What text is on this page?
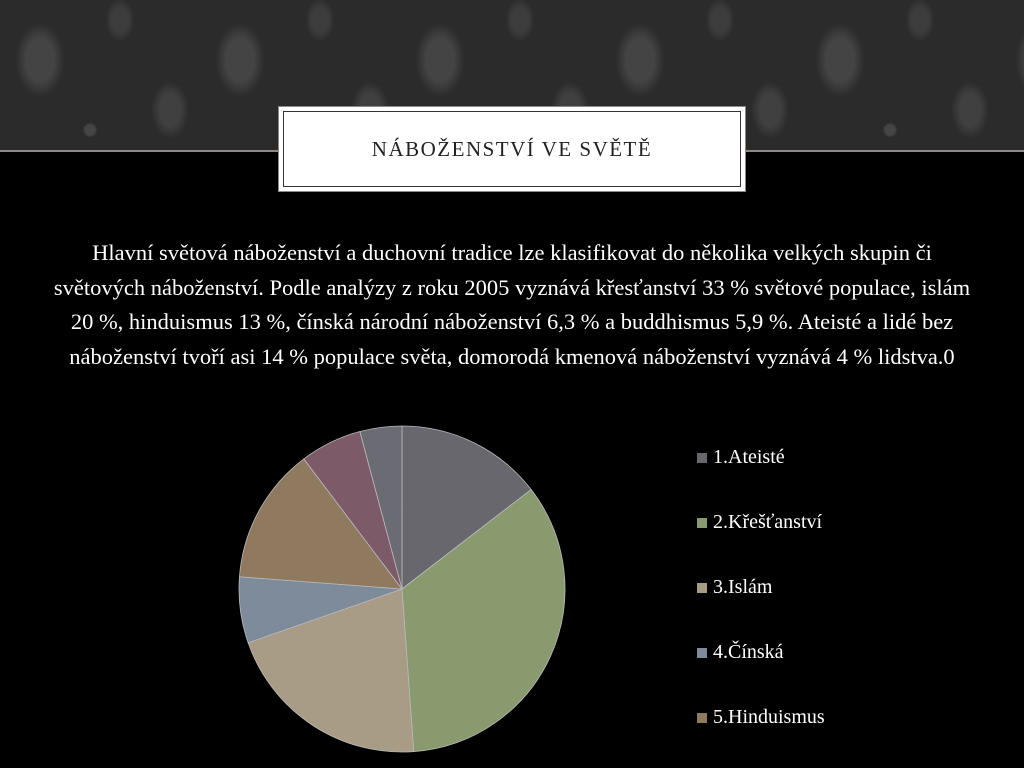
NÁBOŽENSTVÍ VE SVĚTĚ

Hlavní světová náboženství a duchovní tradice lze klasifikovat do několika velkých skupin či světových náboženství. Podle analýzy z roku 2005 vyznává křesťanství 33 % světové populace, islám 20 %, hinduismus 13 %, čínská národní náboženství 6,3 % a buddhismus 5,9 %. Ateisté a lidé bez náboženství tvoří asi 14 % populace světa, domorodá kmenová náboženství vyznává 4 % lidstva.0

1.Ateisté
2.Křešťanství
3.Islám
4.Čínská
5.Hinduismus
